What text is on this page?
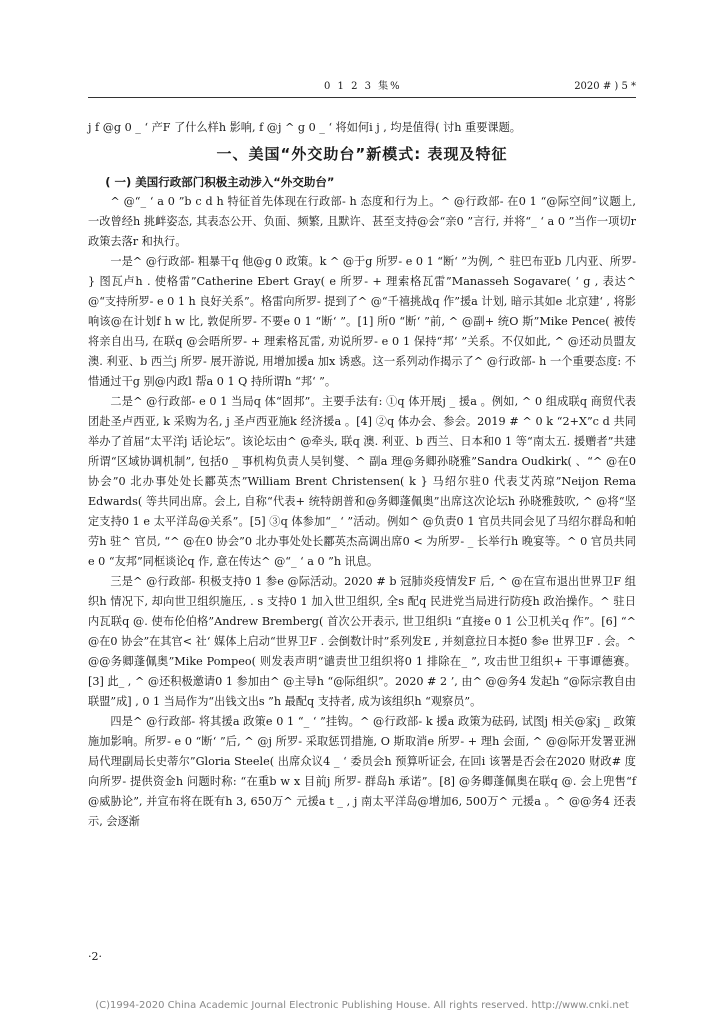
0 1 2 3 集%	2020 # ) 5 *

j f @g 0 _ ‘ 产F 了什么样h 影响, f @j ^ g 0 _ ‘ 将如何i j , 均是值得( 讨h 重要课题。

一、美国“外交助台”新模式: 表现及特征
( 一) 美国行政部门积极主动涉入“外交助台”

^ @“_ ‘ a 0 ”b c d h 特征首先体现在行政部- h 态度和行为上。^ @行政部- 在0 1 “@际空间”议题上, 一改曾经h 挑衅姿态, 其表态公开、负面、频繁, 且默许、甚至支持@会“亲0 ”言行, 并将“_ ‘ a 0 ”当作一项切r 政策去落r 和执行。

一是^ @行政部- 粗暴干q 他@g 0 政策。k ^ @于g 所罗- e 0 1 “断‘ ”为例, ^ 驻巴布亚b 几内亚、所罗- } 图瓦卢h . 使格雷”Catherine Ebert Gray( e 所罗- + 理索格瓦雷”Manasseh Sogavare( ‘ g , 表达^ @“支持所罗- e 0 1 h 良好关系”。格雷向所罗- 提到了^ @“千禧挑战q 作”援a 计划, 暗示其如e 北京建‘ , 将影响该@在计划f h w 比, 敦促所罗- 不要e 0 1 “断‘ ”。[1] 所0 “断‘ ”前, ^ @副+ 统O 斯”Mike Pence( 被传将亲自出马, 在联q @会晤所罗- + 理索格瓦雷, 劝说所罗- e 0 1 保持“邦‘ ”关系。不仅如此, ^ @还动员盟友澳. 利亚、b 西兰j 所罗- 展开游说, 用增加援a 加x 诱惑。这一系列动作揭示了^ @行政部- h 一个重要态度: 不惜通过干g 别@内政l 帮a 0 1 Q 持所谓h “邦‘ ”。

二是^ @行政部- e 0 1 当局q 体“固邦”。主要手法有: ①q 体开展j _ 援a 。例如, ^ 0 组成联q 商贸代表团赴圣卢西亚, k 采购为名, j 圣卢西亚施k 经济援a 。[4] ②q 体办会、参会。2019 # ^ 0 k “2+X”c d 共同举办了首届“太平洋j 话论坛”。该论坛由^ @牵头, 联q 澳. 利亚、b 西兰、日本和0 1 等“南太五. 援赠者”共建所谓“区域协调机制”, 包括0 _ 事机构负责人吴钊燮、^ 副a 理@务卿孙晓雅”Sandra Oudkirk( 、“^ @在0 协会”0 北办事处处长酈英杰”William Brent Christensen( k } 马绍尔驻0 代表艾芮琼”Neijon Rema Edwards( 等共同出席。会上, 自称“代表+ 统特朗普和@务卿蓬佩奥”出席这次论坛h 孙晓雅鼓吹, ^ @将“坚定支持0 1 e 太平洋岛@关系”。[5] ③q 体参加“_ ‘ ”活动。例如^ @负责0 1 官员共同会见了马绍尔群岛和帕劳h 驻^ 官员, “^ @在0 协会”0 北办事处处长酈英杰高调出席0 < 为所罗- _ 长举行h 晚宴等。^ 0 官员共同e 0 “友邦”同框谈论q 作, 意在传达^ @“_ ‘ a 0 ”h 讯息。

三是^ @行政部- 积极支持0 1 参e @际活动。2020 # b 冠肺炎疫情发F 后, ^ @在宣布退出世界卫F 组织h 情况下, 却向世卫组织施压, . s 支持0 1 加入世卫组织, 全s 配q 民进党当局进行防疫h 政治操作。^ 驻日内瓦联q @. 使布伦伯格”Andrew Bremberg( 首次公开表示, 世卫组织i “直接e 0 1 公卫机关q 作”。[6] “^ @在0 协会”在其官< 社‘ 媒体上启动“世界卫F . 会倒数计时”系列发E , 并刻意拉日本挺0 参e 世界卫F . 会。^ @@务卿蓬佩奥”Mike Pompeo( 则发表声明“谴责世卫组织将0 1 排除在_ ”, 攻击世卫组织+ 干事谭德赛。[3] 此_ , ^ @还积极邀请0 1 参加由^ @主导h “@际组织”。2020 # 2 ’, 由^ @@务4 发起h “@际宗教自由联盟”成] , 0 1 当局作为“出钱文出s ”h 最配q 支持者, 成为该组织h “观察员”。

四是^ @行政部- 将其援a 政策e 0 1 “_ ‘ ”挂钩。^ @行政部- k 援a 政策为砝码, 试图j 相关@家j _ 政策施加影响。所罗- e 0 “断‘ ”后, ^ @j 所罗- 采取惩罚措施, O 斯取消e 所罗- + 理h 会面, ^ @@际开发署亚洲局代理副局长史蒂尔”Gloria Steele( 出席众议4 _ ‘ 委员会h 预算听证会, 在回i 该署是否会在2020 财政# 度向所罗- 提供资金h 问题时称: “在重b w x 目前j 所罗- 群岛h 承诺”。[8] @务卿蓬佩奥在联q @. 会上兜售“f @威胁论”, 并宣布将在既有h 3, 650万^ 元援a t _ , j 南太平洋岛@增加6, 500万^ 元援a 。^ @@务4 还表示, 会逐渐

·2·
(C)1994-2020 China Academic Journal Electronic Publishing House. All rights reserved. http://www.cnki.net
